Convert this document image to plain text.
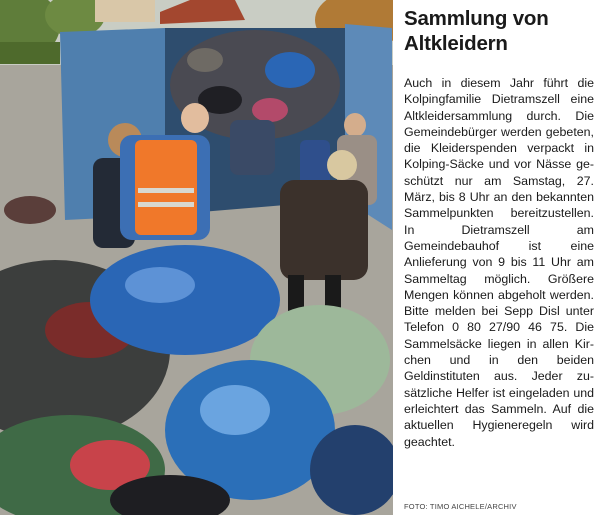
Sammlung von Altkleidern

Auch in diesem Jahr führt die Kolpingfamilie Dietramszell eine Altkleidersammlung durch. Die Gemeindebürger werden gebeten, die Kleiderspenden verpackt in Kolping-Säcke und vor Nässe geschützt nur am Samstag, 27. März, bis 8 Uhr an den bekannten Sammelpunkten bereitzustellen. In Dietramszell am Gemeindebauhof ist eine Anlieferung von 9 bis 11 Uhr am Sammeltag möglich. Größere Mengen können abgeholt werden. Bitte melden bei Sepp Disl unter Telefon 0 80 27/90 46 75. Die Sammelsäcke liegen in allen Kirchen und in den beiden Geldinstituten aus. Jeder zusätzliche Helfer ist eingeladen und erleichtert das Sammeln. Auf die aktuellen Hygieneregeln wird geachtet.

FOTO: TIMO AICHELE/ARCHIV
